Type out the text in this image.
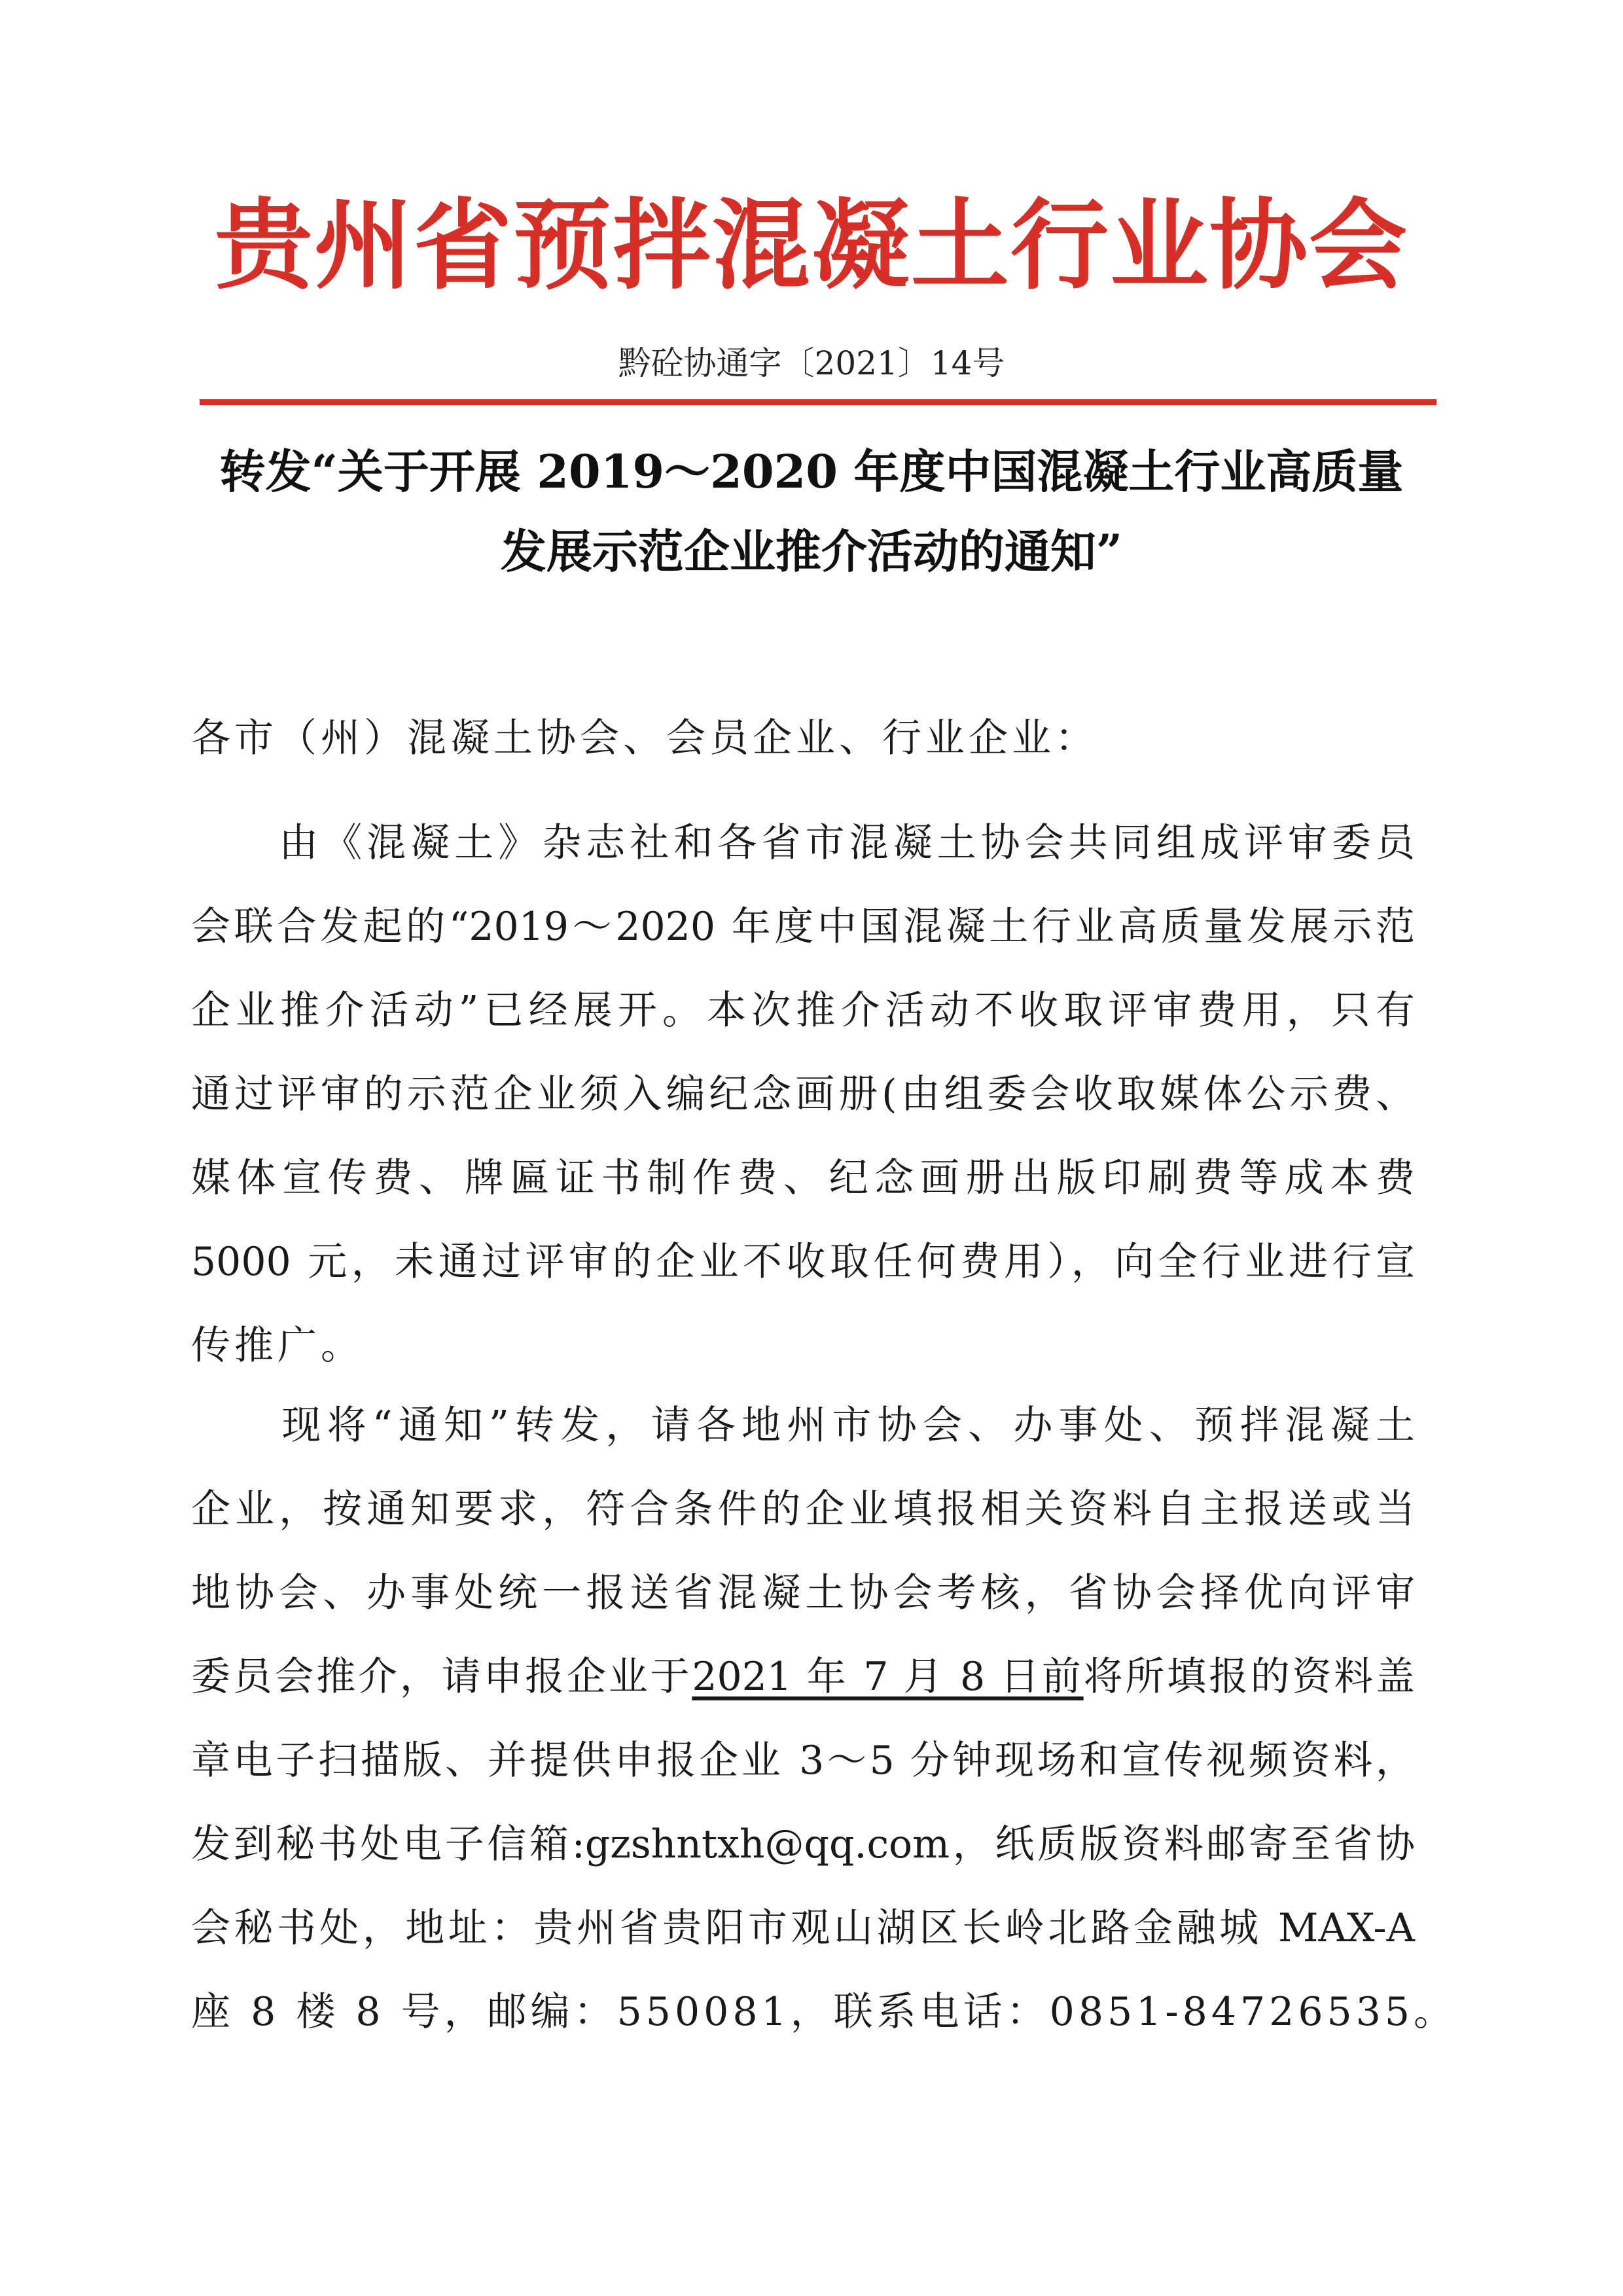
贵州省预拌混凝土行业协会
黔砼协通字〔2021〕14号
转发“关于开展 2019～2020 年度中国混凝土行业高质量
发展示范企业推介活动的通知”
各市（州）混凝土协会、会员企业、行业企业：
　　由《混凝土》杂志社和各省市混凝土协会共同组成评审委员
会联合发起的“2019～2020 年度中国混凝土行业高质量发展示范
企业推介活动”已经展开。本次推介活动不收取评审费用，只有
通过评审的示范企业须入编纪念画册(由组委会收取媒体公示费、
媒体宣传费、牌匾证书制作费、纪念画册出版印刷费等成本费
5000 元，未通过评审的企业不收取任何费用），向全行业进行宣
传推广。
　　现将“通知”转发，请各地州市协会、办事处、预拌混凝土
企业，按通知要求，符合条件的企业填报相关资料自主报送或当
地协会、办事处统一报送省混凝土协会考核，省协会择优向评审
委员会推介，请申报企业于2021 年 7 月 8 日前将所填报的资料盖
章电子扫描版、并提供申报企业 3～5 分钟现场和宣传视频资料，
发到秘书处电子信箱:gzshntxh@qq.com，纸质版资料邮寄至省协
会秘书处，地址：贵州省贵阳市观山湖区长岭北路金融城 MAX-A
座 8 楼 8 号，邮编：550081，联系电话：0851-84726535。
